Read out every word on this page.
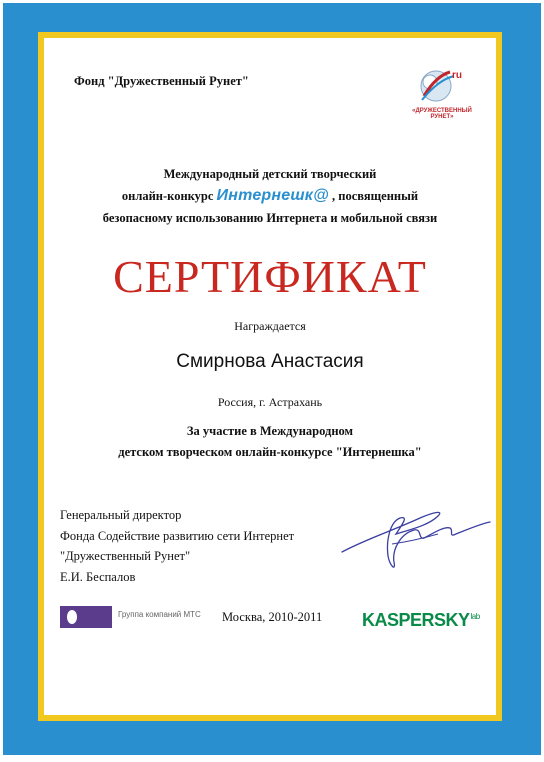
Фонд "Дружественный Рунет"	ru
«ДРУЖЕСТВЕННЫЙ РУНЕТ»
Международный детский творческий
онлайн-конкурс Интернешк@ , посвященный
безопасному использованию Интернета и мобильной связи
СЕРТИФИКАТ
Награждается
Смирнова Анастасия
Россия, г. Астрахань
За участие в Международном
детском творческом онлайн-конкурсе "Интернешка"
Генеральный директор
Фонда Содействие развитию сети Интернет
"Дружественный Рунет"
Е.И. Беспалов
Группа компаний МТС Москва, 2010-2011 $KASPERSKY^{lab}$
